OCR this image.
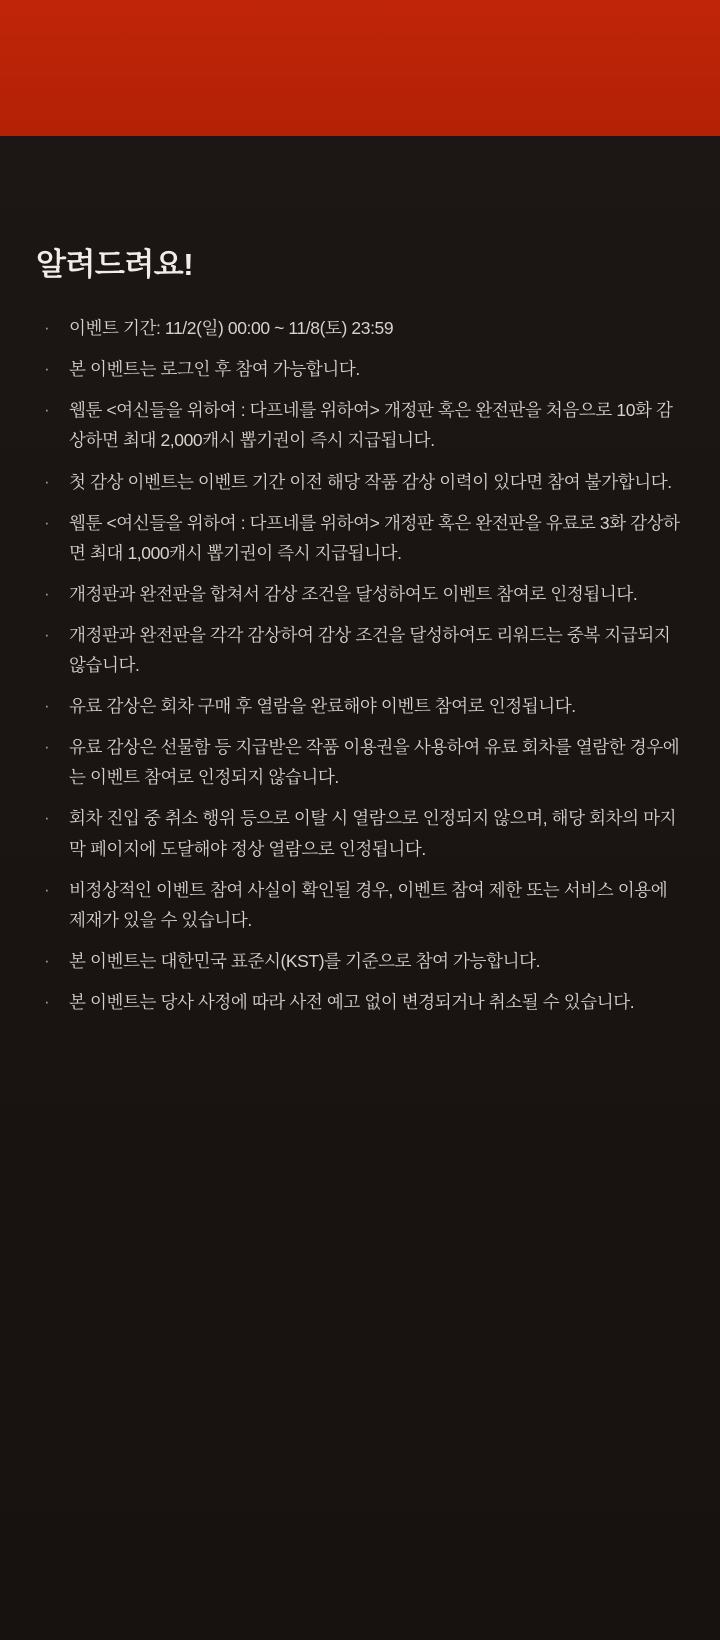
알려드려요!
· 이벤트 기간: 11/2(일) 00:00 ~ 11/8(토) 23:59
· 본 이벤트는 로그인 후 참여 가능합니다.
· 웹툰 <여신들을 위하여 : 다프네를 위하여> 개정판 혹은 완전판을 처음으로 10화 감상하면 최대 2,000캐시 뽑기권이 즉시 지급됩니다.
· 첫 감상 이벤트는 이벤트 기간 이전 해당 작품 감상 이력이 있다면 참여 불가합니다.
· 웹툰 <여신들을 위하여 : 다프네를 위하여> 개정판 혹은 완전판을 유료로 3화 감상하면 최대 1,000캐시 뽑기권이 즉시 지급됩니다.
· 개정판과 완전판을 합쳐서 감상 조건을 달성하여도 이벤트 참여로 인정됩니다.
· 개정판과 완전판을 각각 감상하여 감상 조건을 달성하여도 리워드는 중복 지급되지 않습니다.
· 유료 감상은 회차 구매 후 열람을 완료해야 이벤트 참여로 인정됩니다.
· 유료 감상은 선물함 등 지급받은 작품 이용권을 사용하여 유료 회차를 열람한 경우에는 이벤트 참여로 인정되지 않습니다.
· 회차 진입 중 취소 행위 등으로 이탈 시 열람으로 인정되지 않으며, 해당 회차의 마지막 페이지에 도달해야 정상 열람으로 인정됩니다.
· 비정상적인 이벤트 참여 사실이 확인될 경우, 이벤트 참여 제한 또는 서비스 이용에 제재가 있을 수 있습니다.
· 본 이벤트는 대한민국 표준시(KST)를 기준으로 참여 가능합니다.
· 본 이벤트는 당사 사정에 따라 사전 예고 없이 변경되거나 취소될 수 있습니다.
